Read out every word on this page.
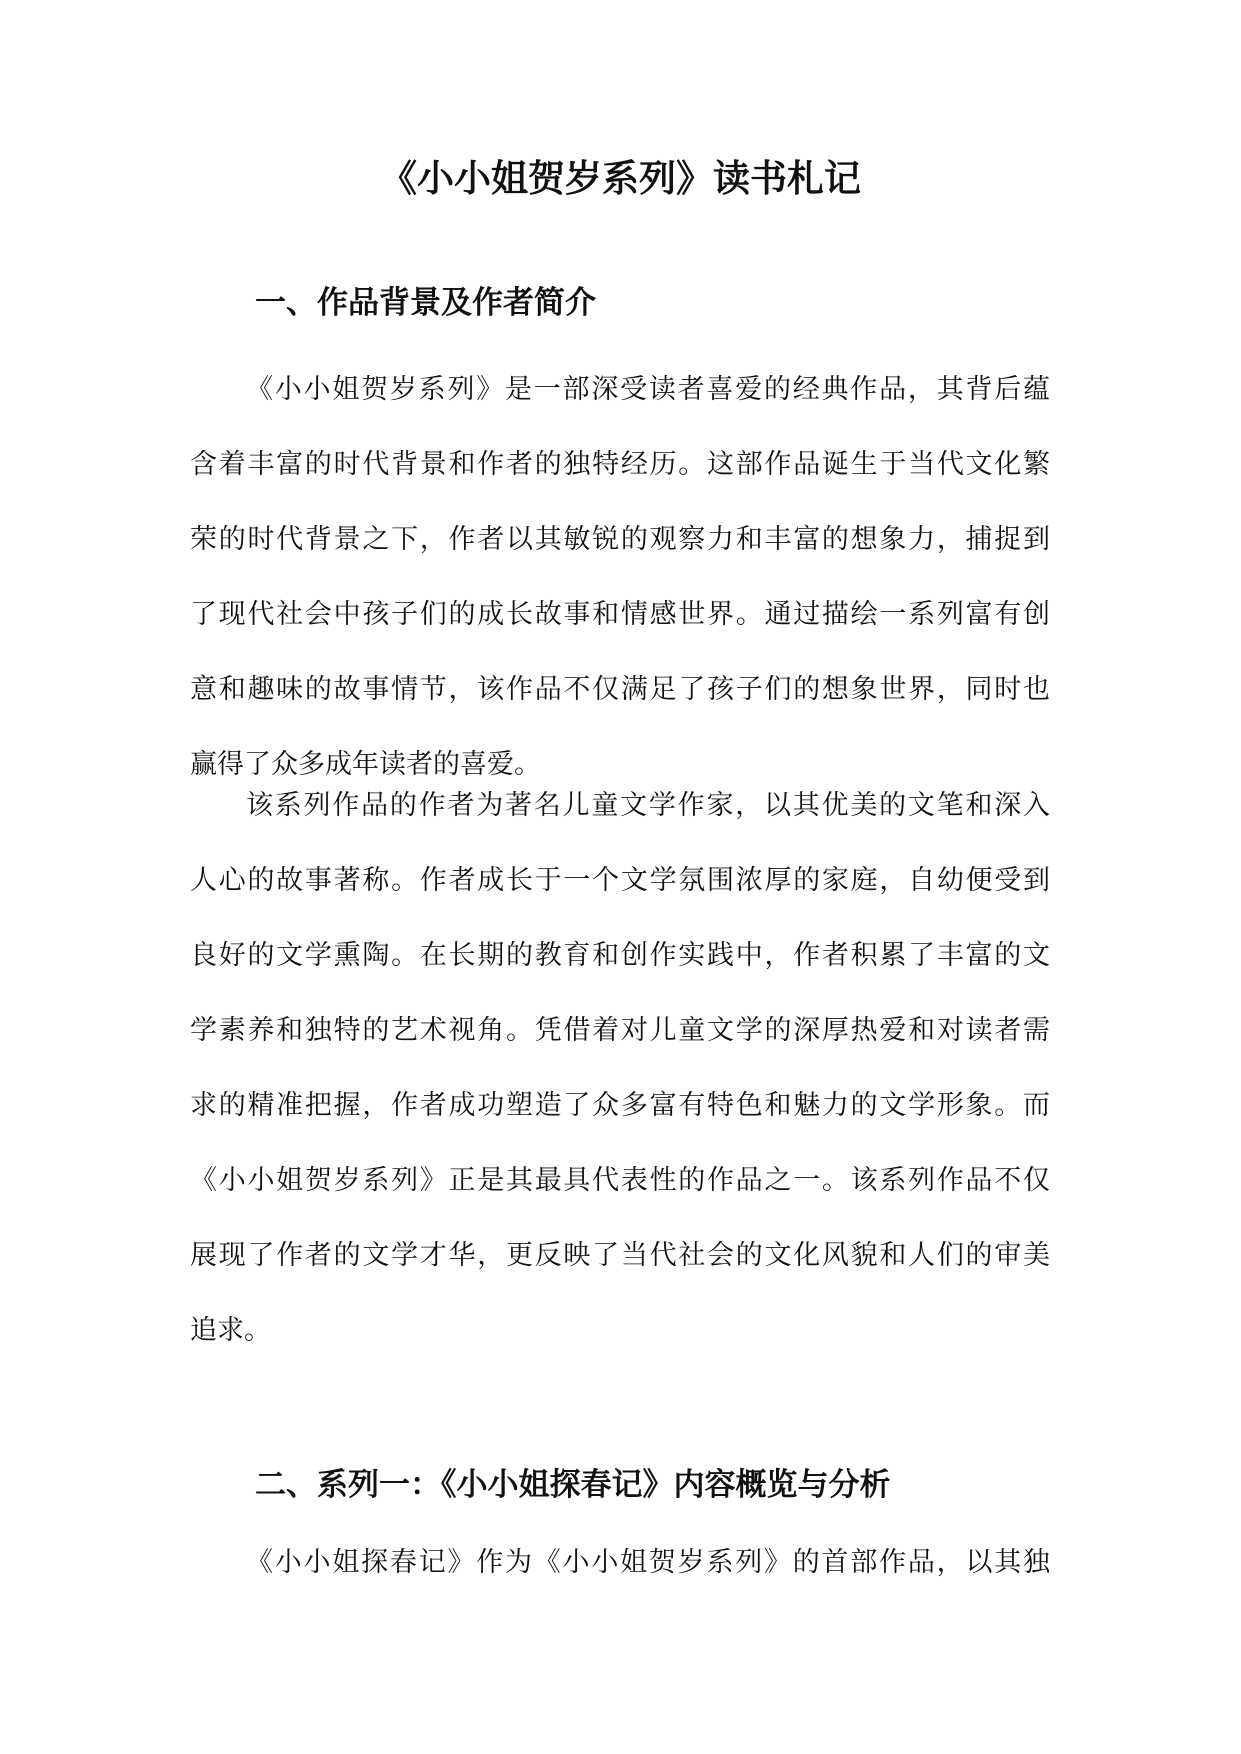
《小小姐贺岁系列》读书札记
一、作品背景及作者简介
《小小姐贺岁系列》是一部深受读者喜爱的经典作品，其背后蕴
含着丰富的时代背景和作者的独特经历。这部作品诞生于当代文化繁
荣的时代背景之下，作者以其敏锐的观察力和丰富的想象力，捕捉到
了现代社会中孩子们的成长故事和情感世界。通过描绘一系列富有创
意和趣味的故事情节，该作品不仅满足了孩子们的想象世界，同时也
赢得了众多成年读者的喜爱。
该系列作品的作者为著名儿童文学作家，以其优美的文笔和深入
人心的故事著称。作者成长于一个文学氛围浓厚的家庭，自幼便受到
良好的文学熏陶。在长期的教育和创作实践中，作者积累了丰富的文
学素养和独特的艺术视角。凭借着对儿童文学的深厚热爱和对读者需
求的精准把握，作者成功塑造了众多富有特色和魅力的文学形象。而
《小小姐贺岁系列》正是其最具代表性的作品之一。该系列作品不仅
展现了作者的文学才华，更反映了当代社会的文化风貌和人们的审美
追求。
二、系列一：《小小姐探春记》内容概览与分析
《小小姐探春记》作为《小小姐贺岁系列》的首部作品，以其独
